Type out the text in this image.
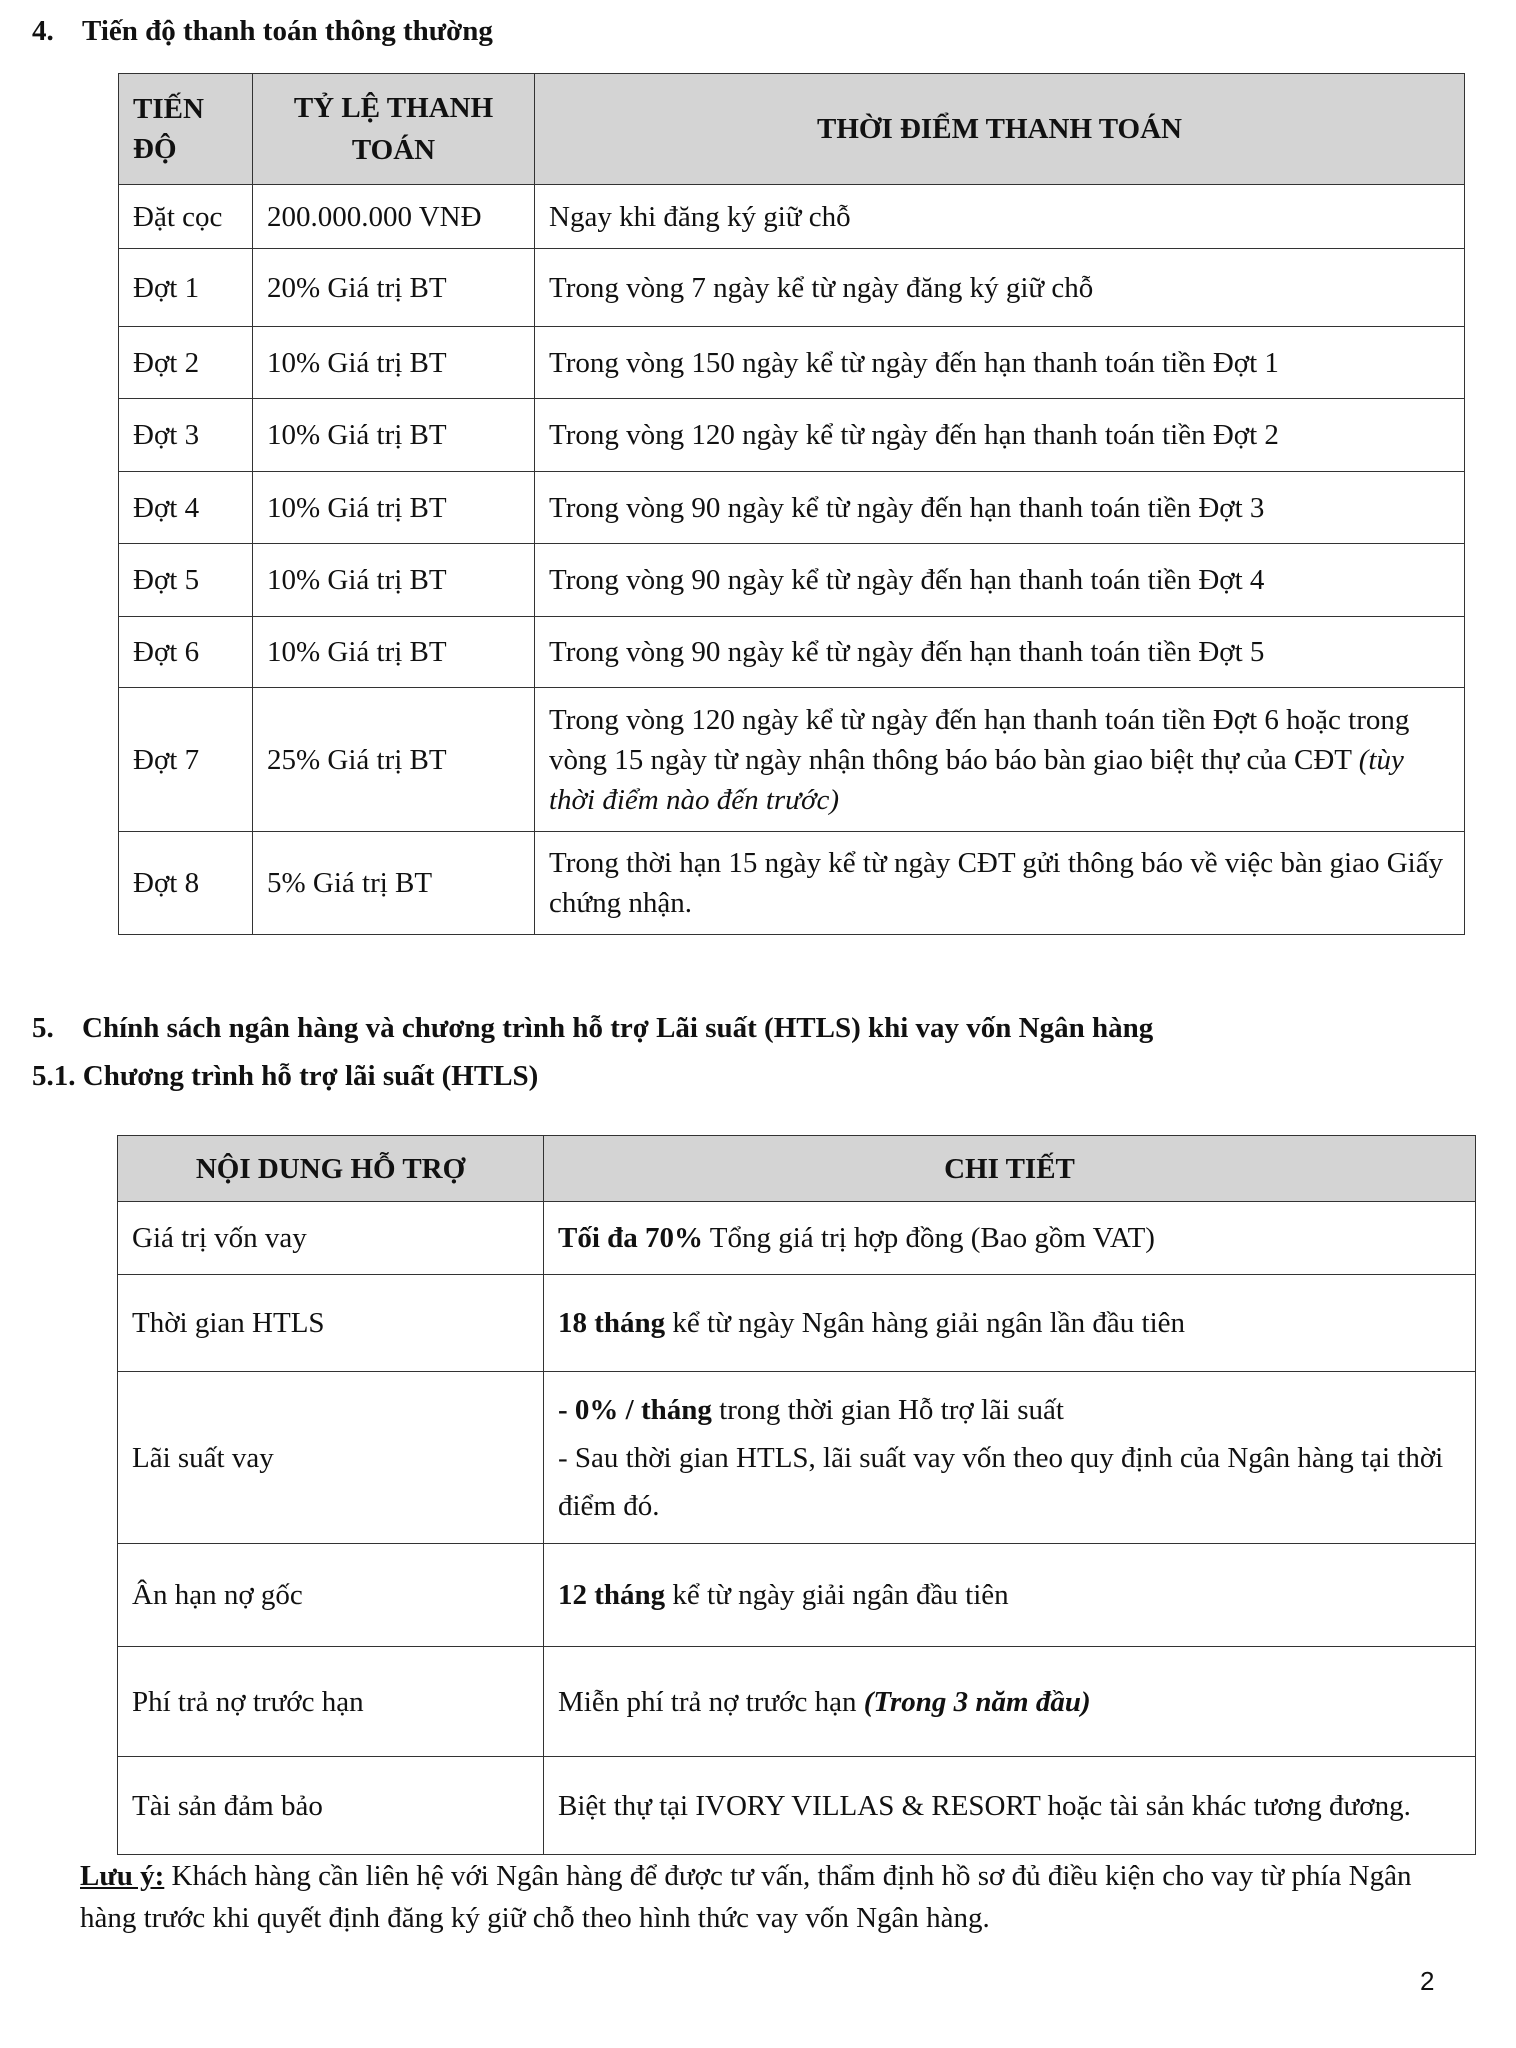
4. Tiến độ thanh toán thông thường
TIẾN ĐỘ	TỶ LỆ THANH TOÁN	THỜI ĐIỂM THANH TOÁN
Đặt cọc	200.000.000 VNĐ	Ngay khi đăng ký giữ chỗ
Đợt 1	20% Giá trị BT	Trong vòng 7 ngày kể từ ngày đăng ký giữ chỗ
Đợt 2	10% Giá trị BT	Trong vòng 150 ngày kể từ ngày đến hạn thanh toán tiền Đợt 1
Đợt 3	10% Giá trị BT	Trong vòng 120 ngày kể từ ngày đến hạn thanh toán tiền Đợt 2
Đợt 4	10% Giá trị BT	Trong vòng 90 ngày kể từ ngày đến hạn thanh toán tiền Đợt 3
Đợt 5	10% Giá trị BT	Trong vòng 90 ngày kể từ ngày đến hạn thanh toán tiền Đợt 4
Đợt 6	10% Giá trị BT	Trong vòng 90 ngày kể từ ngày đến hạn thanh toán tiền Đợt 5
Đợt 7	25% Giá trị BT	Trong vòng 120 ngày kể từ ngày đến hạn thanh toán tiền Đợt 6 hoặc trong vòng 15 ngày từ ngày nhận thông báo báo bàn giao biệt thự của CĐT (tùy thời điểm nào đến trước)
Đợt 8	5% Giá trị BT	Trong thời hạn 15 ngày kể từ ngày CĐT gửi thông báo về việc bàn giao Giấy chứng nhận.
5. Chính sách ngân hàng và chương trình hỗ trợ Lãi suất (HTLS) khi vay vốn Ngân hàng
5.1. Chương trình hỗ trợ lãi suất (HTLS)
NỘI DUNG HỖ TRỢ	CHI TIẾT
Giá trị vốn vay	Tối đa 70% Tổng giá trị hợp đồng (Bao gồm VAT)
Thời gian HTLS	18 tháng kể từ ngày Ngân hàng giải ngân lần đầu tiên
Lãi suất vay	- 0% / tháng trong thời gian Hỗ trợ lãi suất
- Sau thời gian HTLS, lãi suất vay vốn theo quy định của Ngân hàng tại thời điểm đó.
Ân hạn nợ gốc	12 tháng kể từ ngày giải ngân đầu tiên
Phí trả nợ trước hạn	Miễn phí trả nợ trước hạn (Trong 3 năm đầu)
Tài sản đảm bảo	Biệt thự tại IVORY VILLAS & RESORT hoặc tài sản khác tương đương.
Lưu ý: Khách hàng cần liên hệ với Ngân hàng để được tư vấn, thẩm định hồ sơ đủ điều kiện cho vay từ phía Ngân hàng trước khi quyết định đăng ký giữ chỗ theo hình thức vay vốn Ngân hàng.
2
